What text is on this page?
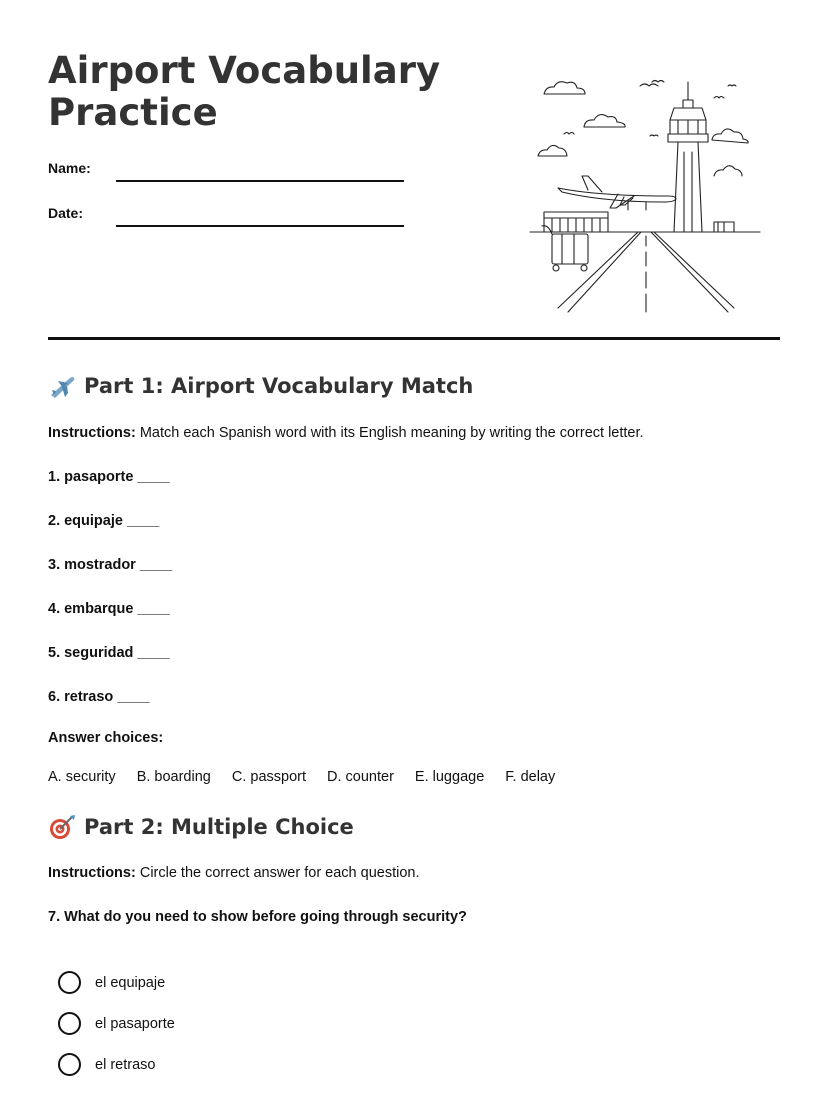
Airport Vocabulary
Practice
Name:
Date:
Part 1: Airport Vocabulary Match
Instructions: Match each Spanish word with its English meaning by writing the correct letter.
1. pasaporte ____
2. equipaje ____
3. mostrador ____
4. embarque ____
5. seguridad ____
6. retraso ____
Answer choices:
A. security B. boarding C. passport D. counter E. luggage F. delay
Part 2: Multiple Choice
Instructions: Circle the correct answer for each question.
7. What do you need to show before going through security?
el equipaje
el pasaporte
el retraso
